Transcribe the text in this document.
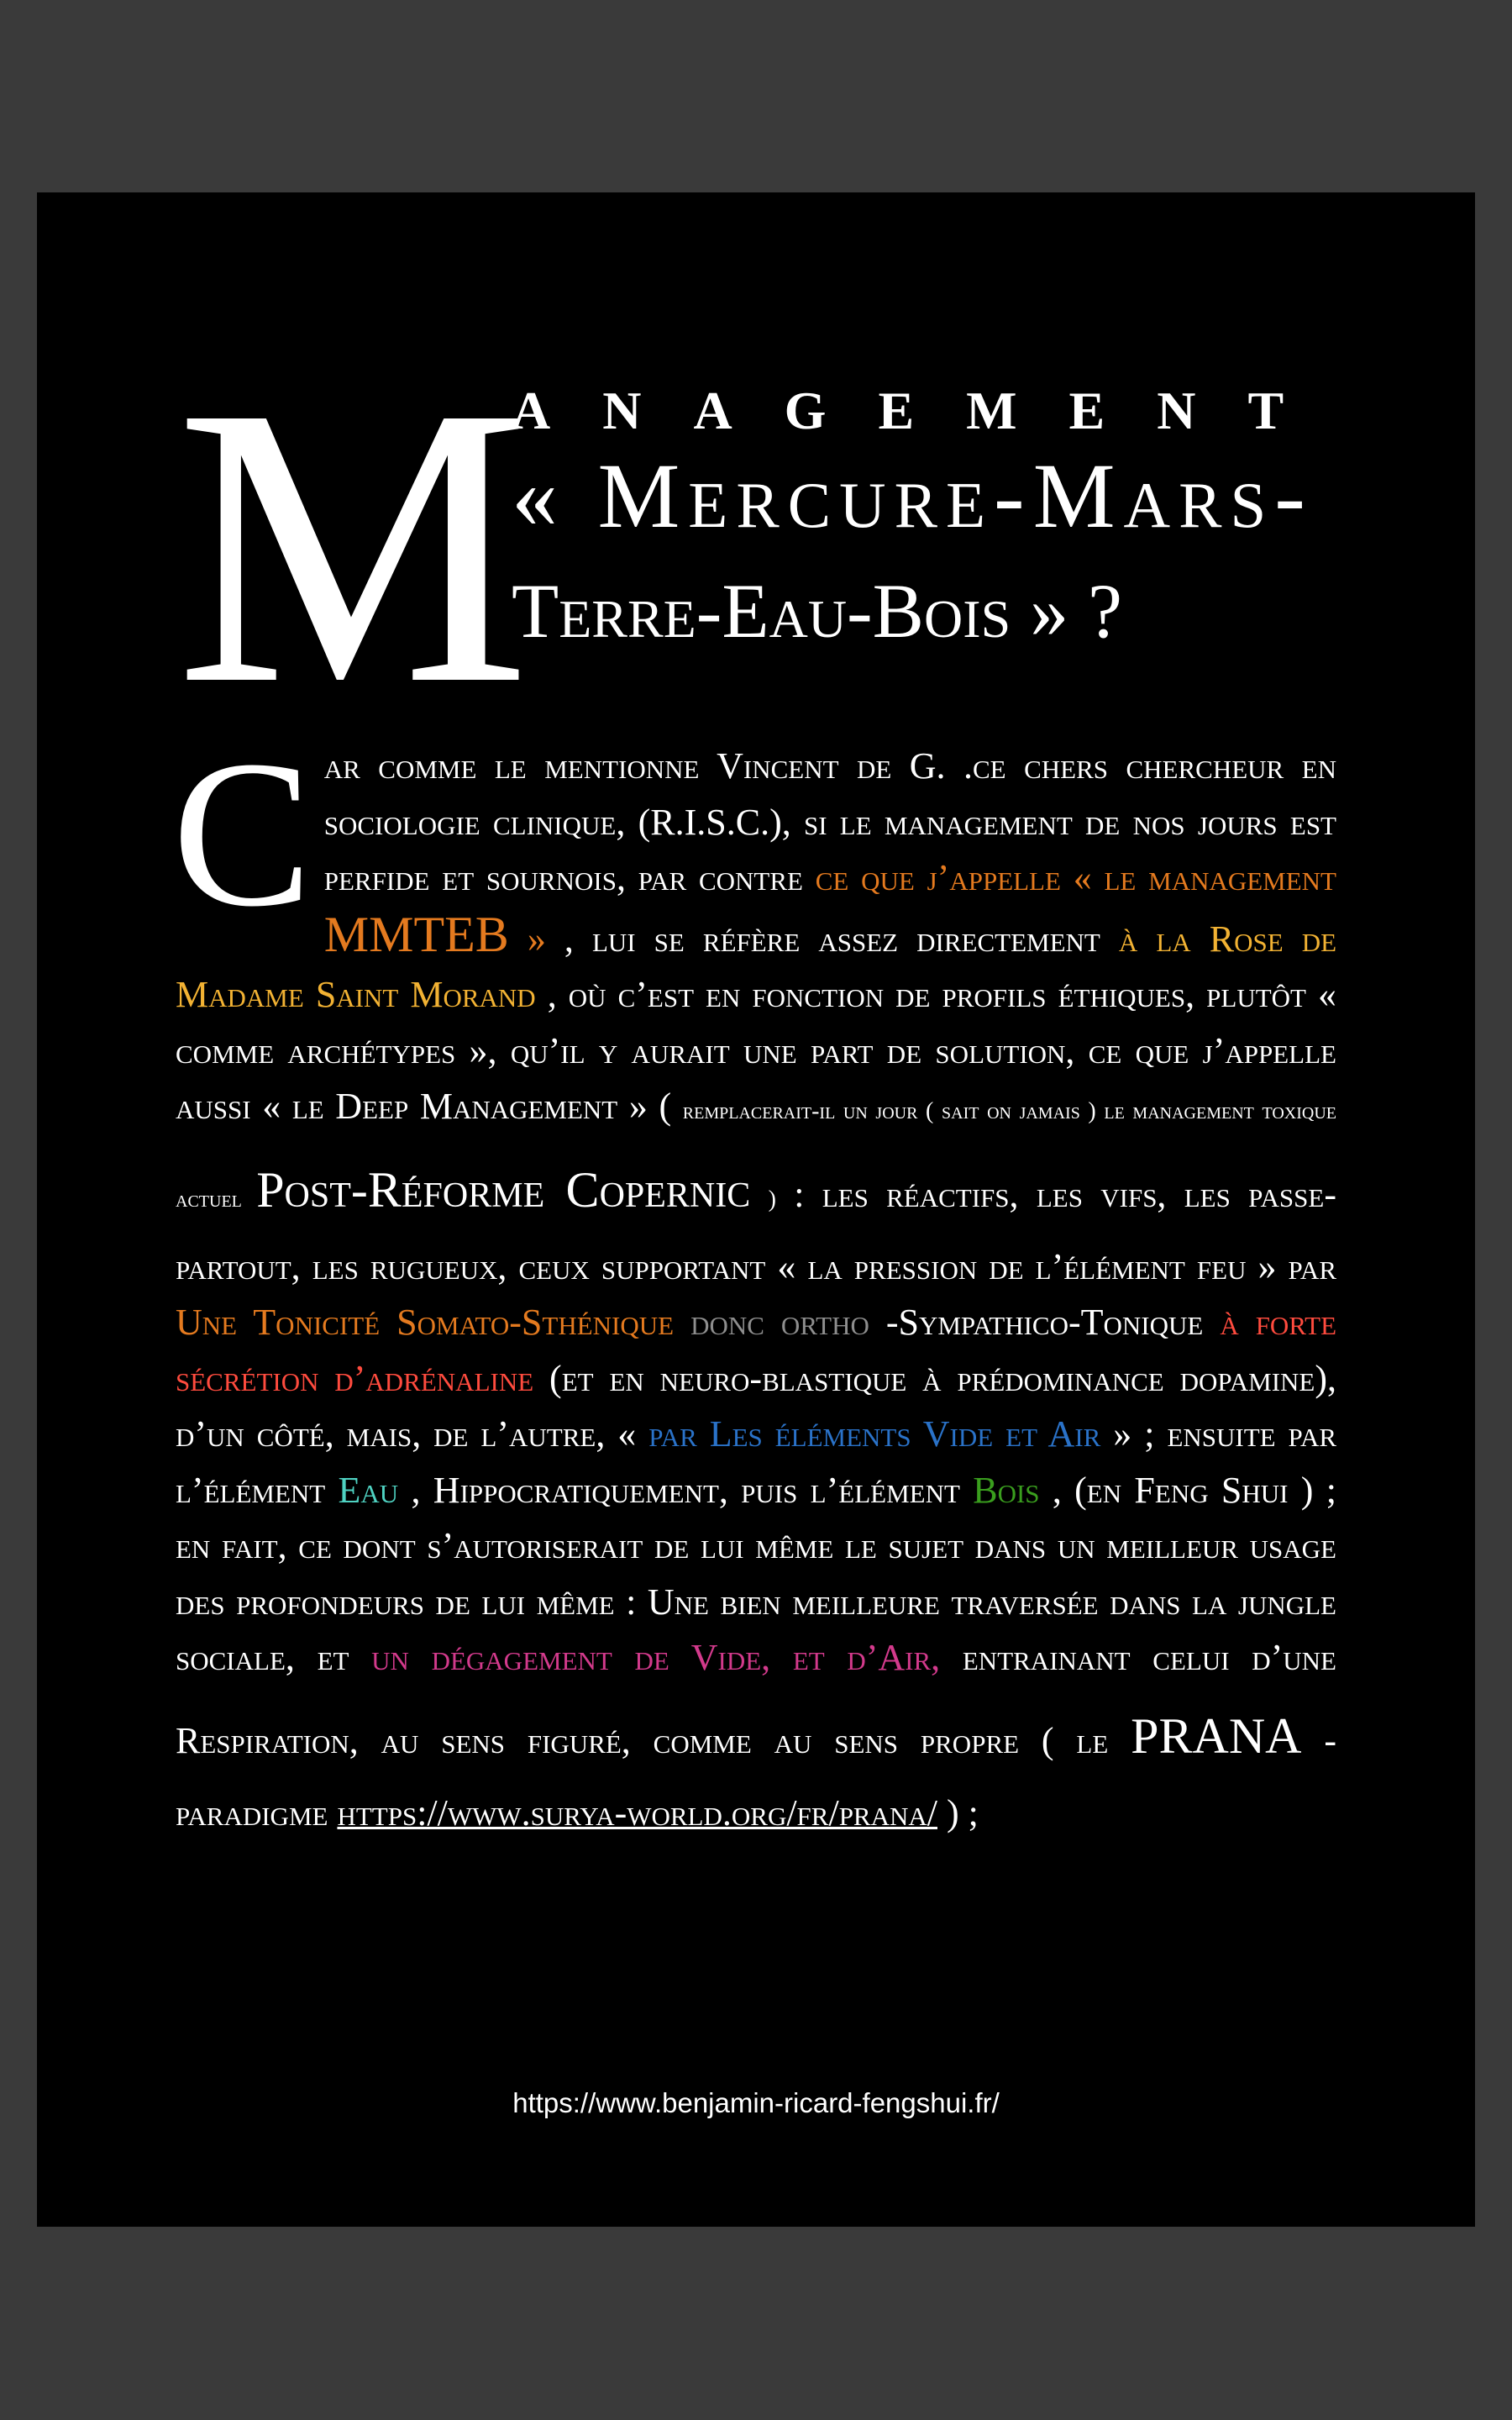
M
anagement
« Mercure-Mars-
Terre-Eau-Bois » ?
C ar comme le mentionne Vincent de G. .ce chers chercheur en sociologie clinique, (R.I.S.C.), si le management de nos jours est perfide et sournois, par contre ce que j’appelle « le management MMTEB » , lui se réfère assez directement à la Rose de Madame Saint Morand , où c’est en fonction de profils éthiques, plutôt « comme archétypes », qu’il y aurait une part de solution, ce que j’appelle aussi « le Deep Management » ( remplacerait-il un jour ( sait on jamais ) le management toxique actuel Post-Réforme Copernic ) : les réactifs, les vifs, les passe-partout, les rugueux, ceux supportant « la pression de l’élément feu » par Une Tonicité Somato-Sthénique donc ortho -Sympathico-Tonique à forte sécrétion d’adrénaline (et en neuro-blastique à prédominance dopamine), d’un côté, mais, de l’autre, « par Les éléments Vide et Air » ; ensuite par l’élément Eau , Hippocratiquement, puis l’élément Bois , (en Feng Shui ) ; en fait, ce dont s’autoriserait de lui même le sujet dans un meilleur usage des profondeurs de lui même : Une bien meilleure traversée dans la jungle sociale, et un dégagement de Vide, et d’Air, entrainant celui d’une Respiration, au sens figuré, comme au sens propre ( le PRANA -paradigme https://www.surya-world.org/fr/prana/ ) ;
https://www.benjamin-ricard-fengshui.fr/
